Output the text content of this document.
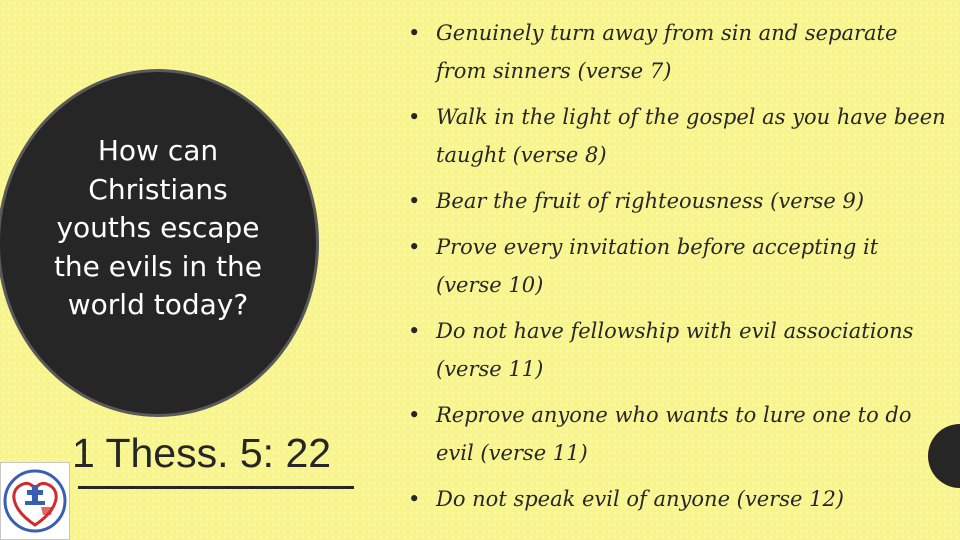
How can Christians youths escape the evils in the world today?
1 Thess. 5: 22
• Genuinely turn away from sin and separate from sinners (verse 7)
• Walk in the light of the gospel as you have been taught (verse 8)
• Bear the fruit of righteousness (verse 9)
• Prove every invitation before accepting it (verse 10)
• Do not have fellowship with evil associations (verse 11)
• Reprove anyone who wants to lure one to do evil (verse 11)
• Do not speak evil of anyone (verse 12)
